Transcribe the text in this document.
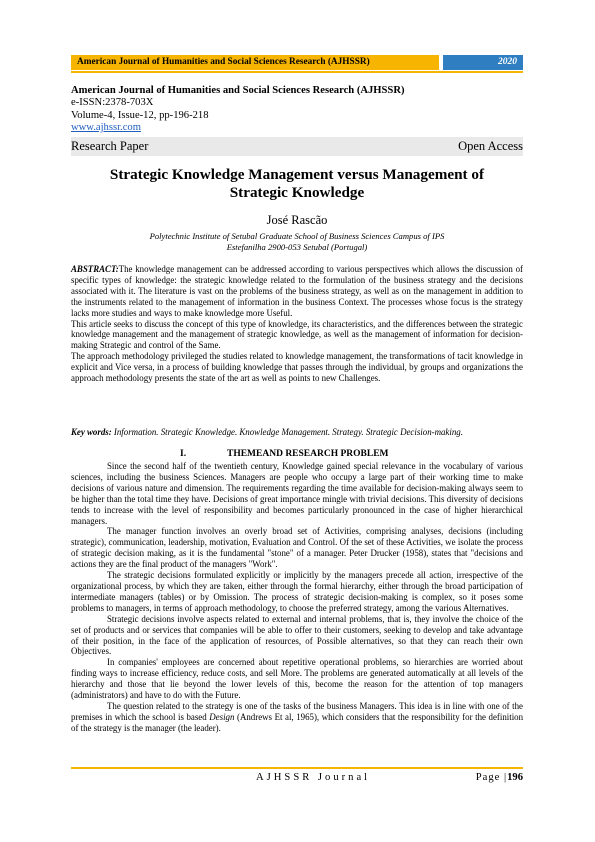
American Journal of Humanities and Social Sciences Research (AJHSSR)	2020
American Journal of Humanities and Social Sciences Research (AJHSSR)
e-ISSN:2378-703X
Volume-4, Issue-12, pp-196-218
www.ajhssr.com
Research Paper	Open Access
Strategic Knowledge Management versus Management of
Strategic Knowledge
José Rascão
Polytechnic Institute of Setubal Graduate School of Business Sciences Campus of IPS
Estefanilha 2900-053 Setubal (Portugal)

ABSTRACT:The knowledge management can be addressed according to various perspectives which allows the discussion of specific types of knowledge: the strategic knowledge related to the formulation of the business strategy and the decisions associated with it. The literature is vast on the problems of the business strategy, as well as on the management in addition to the instruments related to the management of information in the business Context. The processes whose focus is the strategy lacks more studies and ways to make knowledge more Useful.

This article seeks to discuss the concept of this type of knowledge, its characteristics, and the differences between the strategic knowledge management and the management of strategic knowledge, as well as the management of information for decision-making Strategic and control of the Same.

The approach methodology privileged the studies related to knowledge management, the transformations of tacit knowledge in explicit and Vice versa, in a process of building knowledge that passes through the individual, by groups and organizations the approach methodology presents the state of the art as well as points to new Challenges.

Key words: Information. Strategic Knowledge. Knowledge Management. Strategy. Strategic Decision-making.
I.	THEMEAND RESEARCH PROBLEM

Since the second half of the twentieth century, Knowledge gained special relevance in the vocabulary of various sciences, including the business Sciences. Managers are people who occupy a large part of their working time to make decisions of various nature and dimension. The requirements regarding the time available for decision-making always seem to be higher than the total time they have. Decisions of great importance mingle with trivial decisions. This diversity of decisions tends to increase with the level of responsibility and becomes particularly pronounced in the case of higher hierarchical managers.

The manager function involves an overly broad set of Activities, comprising analyses, decisions (including strategic), communication, leadership, motivation, Evaluation and Control. Of the set of these Activities, we isolate the process of strategic decision making, as it is the fundamental "stone" of a manager. Peter Drucker (1958), states that "decisions and actions they are the final product of the managers "Work".

The strategic decisions formulated explicitly or implicitly by the managers precede all action, irrespective of the organizational process, by which they are taken, either through the formal hierarchy, either through the broad participation of intermediate managers (tables) or by Omission. The process of strategic decision-making is complex, so it poses some problems to managers, in terms of approach methodology, to choose the preferred strategy, among the various Alternatives.

Strategic decisions involve aspects related to external and internal problems, that is, they involve the choice of the set of products and or services that companies will be able to offer to their customers, seeking to develop and take advantage of their position, in the face of the application of resources, of Possible alternatives, so that they can reach their own Objectives.

In companies' employees are concerned about repetitive operational problems, so hierarchies are worried about finding ways to increase efficiency, reduce costs, and sell More. The problems are generated automatically at all levels of the hierarchy and those that lie beyond the lower levels of this, become the reason for the attention of top managers (administrators) and have to do with the Future.

The question related to the strategy is one of the tasks of the business Managers. This idea is in line with one of the premises in which the school is based Design (Andrews Et al, 1965), which considers that the responsibility for the definition of the strategy is the manager (the leader).

AJHSSR Journal	Page |196
